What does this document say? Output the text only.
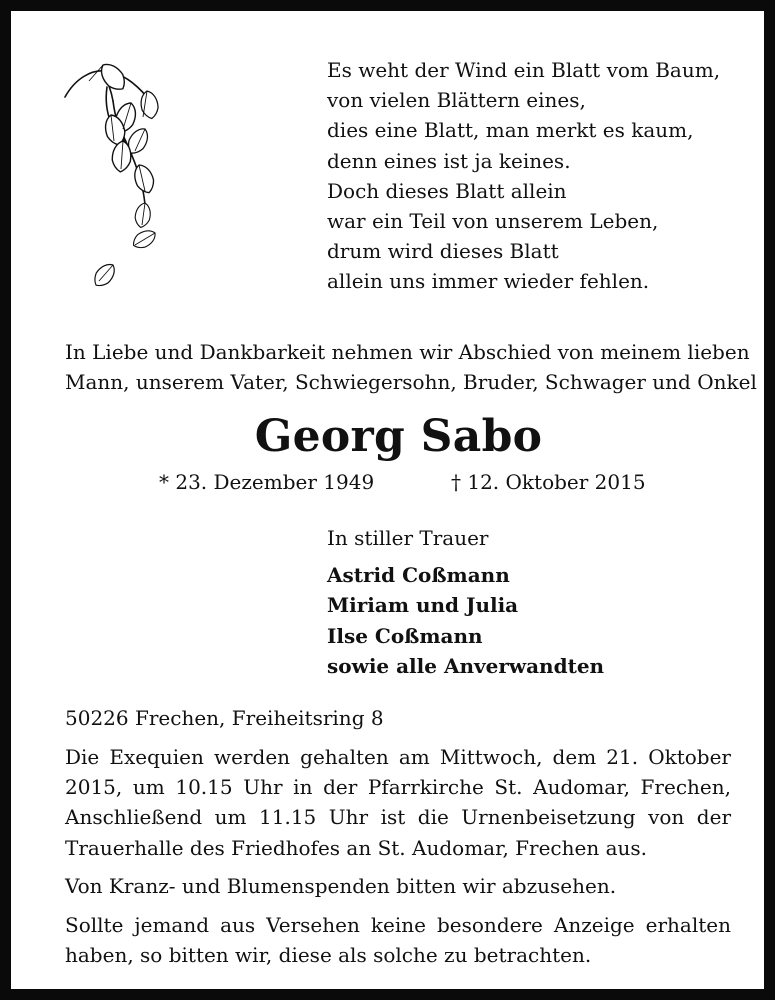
Es weht der Wind ein Blatt vom Baum,
von vielen Blättern eines,
dies eine Blatt, man merkt es kaum,
denn eines ist ja keines.
Doch dieses Blatt allein
war ein Teil von unserem Leben,
drum wird dieses Blatt
allein uns immer wieder fehlen.
In Liebe und Dankbarkeit nehmen wir Abschied von meinem lieben
Mann, unserem Vater, Schwiegersohn, Bruder, Schwager und Onkel
Georg Sabo
* 23. Dezember 1949	† 12. Oktober 2015
In stiller Trauer
Astrid Coßmann
Miriam und Julia
Ilse Coßmann
sowie alle Anverwandten
50226 Frechen, Freiheitsring 8
Die Exequien werden gehalten am Mittwoch, dem 21. Oktober
2015, um 10.15 Uhr in der Pfarrkirche St. Audomar, Frechen,
Anschließend um 11.15 Uhr ist die Urnenbeisetzung von der
Trauerhalle des Friedhofes an St. Audomar, Frechen aus.
Von Kranz- und Blumenspenden bitten wir abzusehen.
Sollte jemand aus Versehen keine besondere Anzeige erhalten
haben, so bitten wir, diese als solche zu betrachten.
